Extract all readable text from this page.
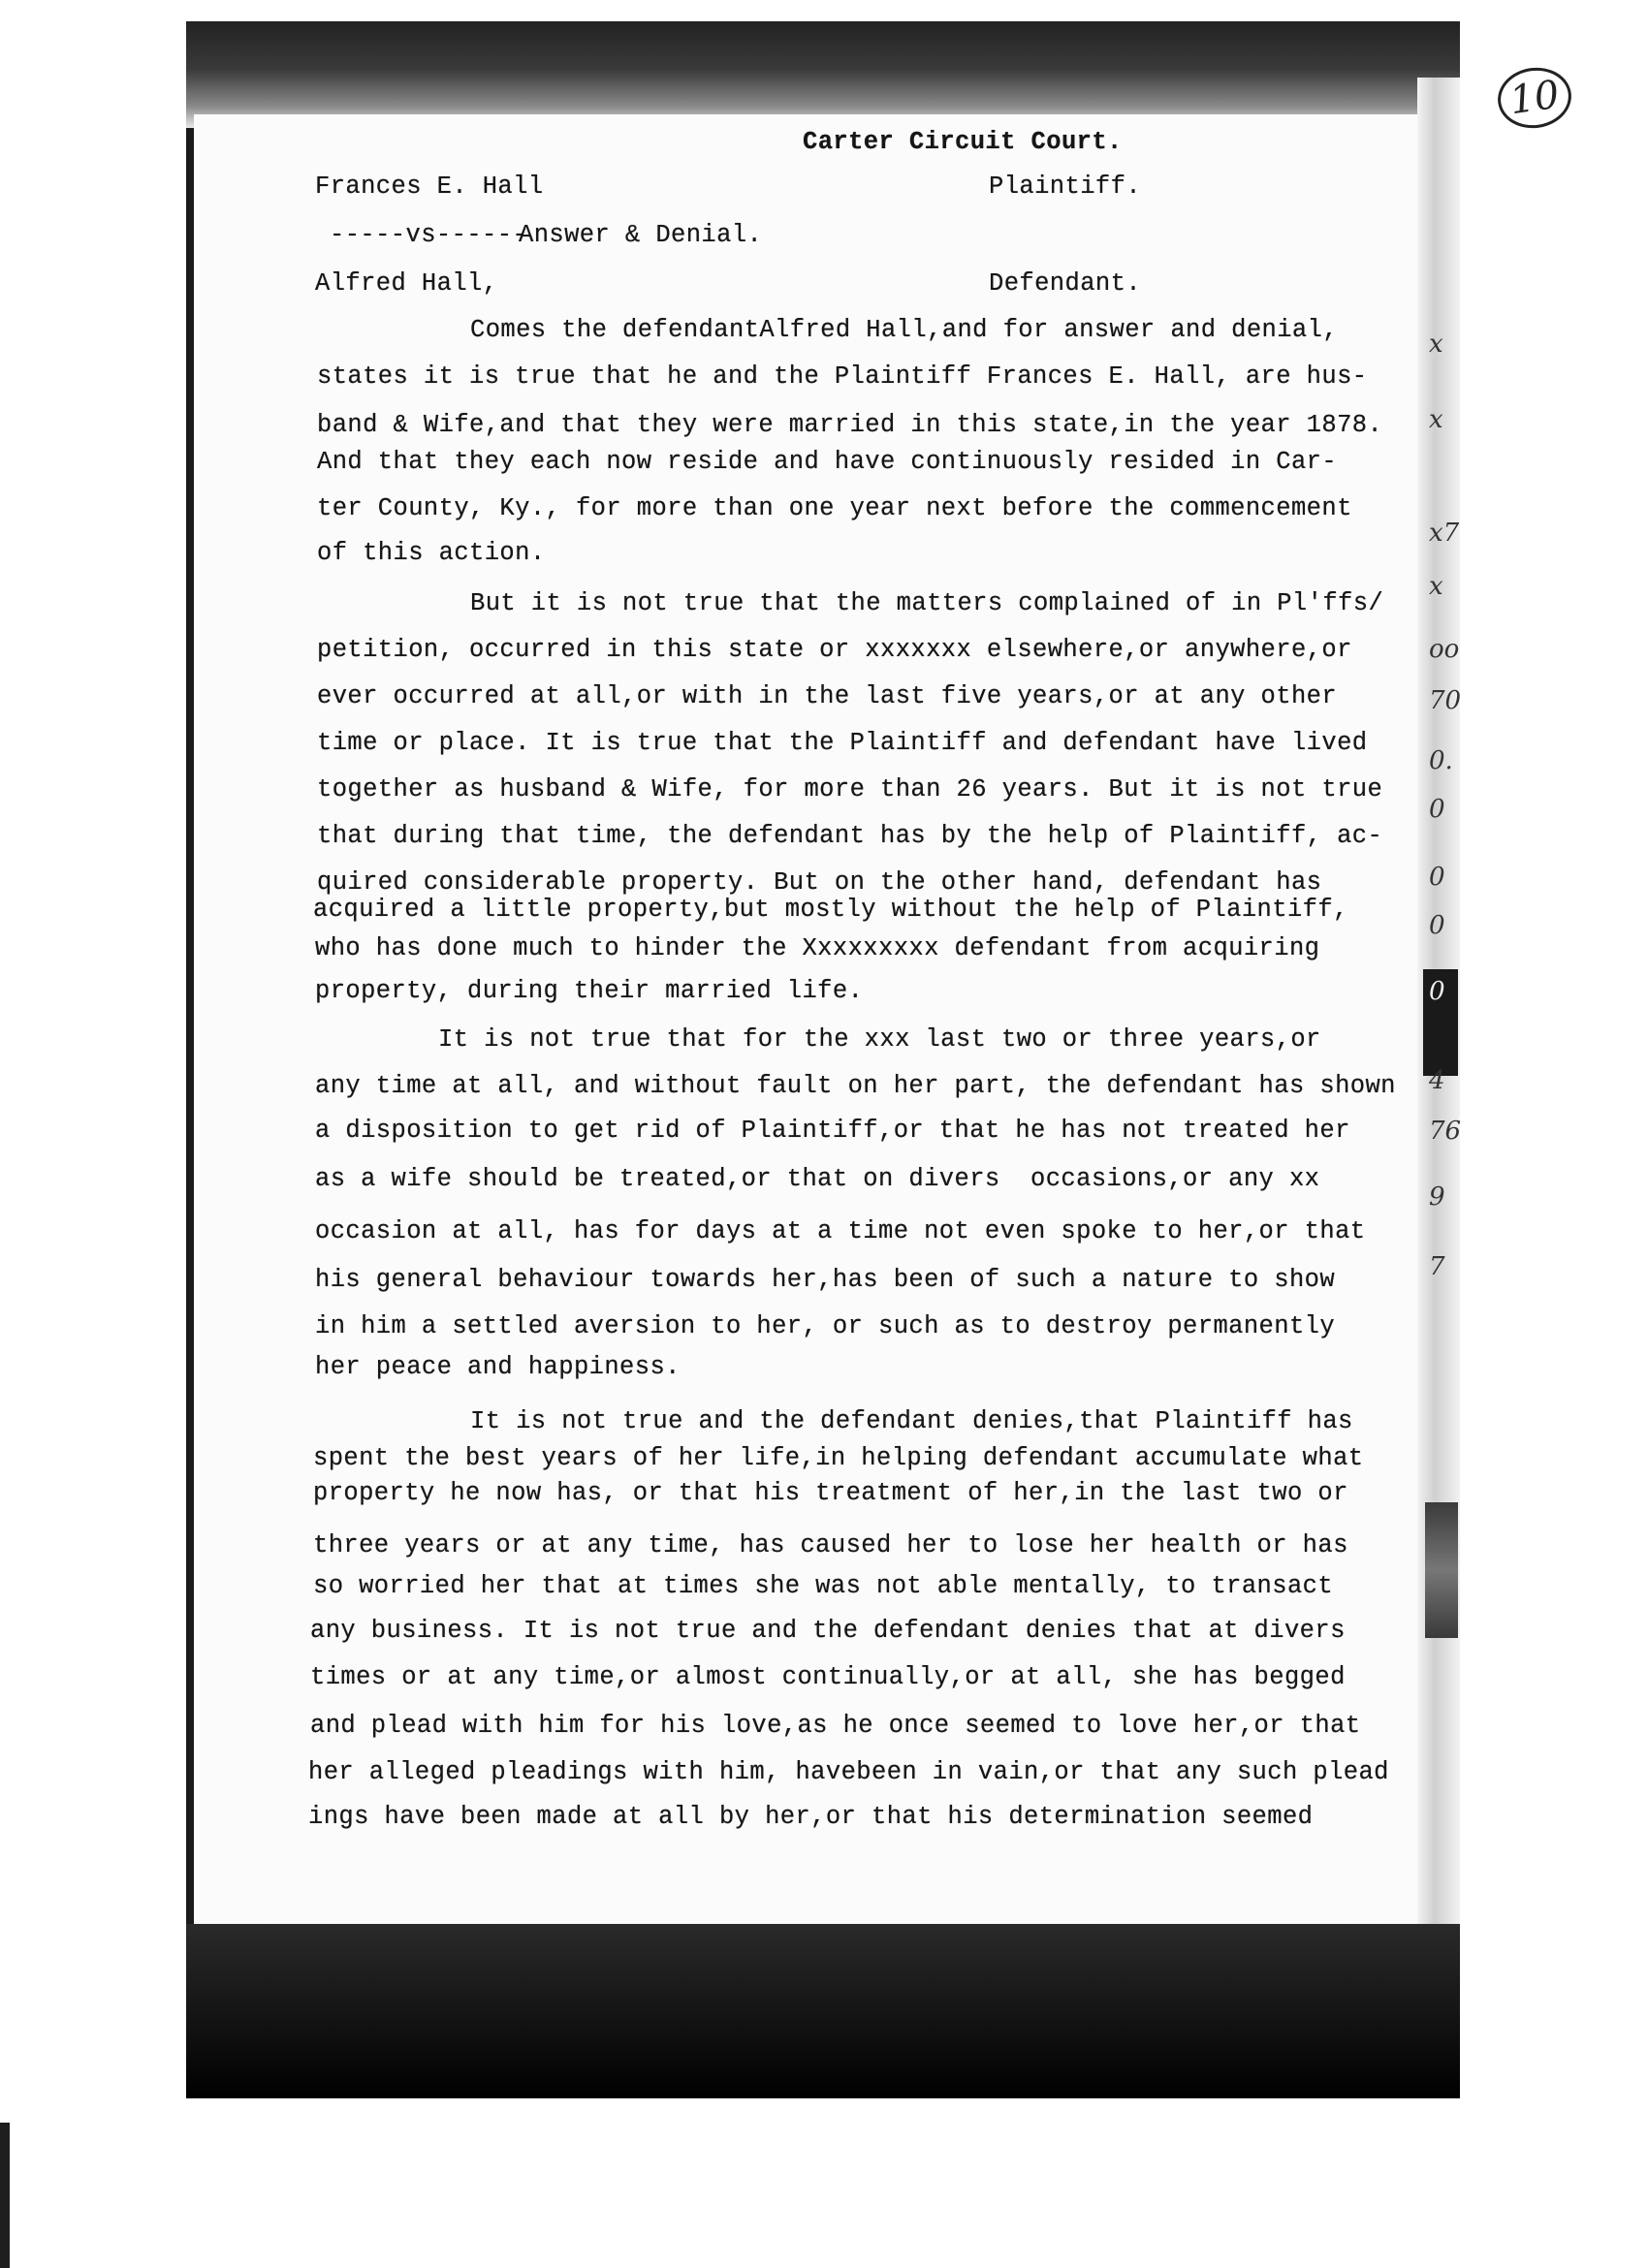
10
Carter Circuit Court.
Frances E. Hall	Plaintiff.
-----vs------
Answer & Denial.
Alfred Hall,	Defendant.
Comes the defendantAlfred Hall,and for answer and denial,
states it is true that he and the Plaintiff Frances E. Hall, are hus-
band & Wife,and that they were married in this state,in the year 1878.
And that they each now reside and have continuously resided in Car-
ter County, Ky., for more than one year next before the commencement
of this action.
But it is not true that the matters complained of in Pl'ffs/
petition, occurred in this state or xxxxxxx elsewhere,or anywhere,or
ever occurred at all,or with in the last five years,or at any other
time or place. It is true that the Plaintiff and defendant have lived
together as husband & Wife, for more than 26 years. But it is not true
that during that time, the defendant has by the help of Plaintiff, ac-
quired considerable property. But on the other hand, defendant has
acquired a little property,but mostly without the help of Plaintiff,
who has done much to hinder the Xxxxxxxxx defendant from acquiring
property, during their married life.
It is not true that for the xxx last two or three years,or
any time at all, and without fault on her part, the defendant has shown
a disposition to get rid of Plaintiff,or that he has not treated her
as a wife should be treated,or that on divers  occasions,or any xx
occasion at all, has for days at a time not even spoke to her,or that
his general behaviour towards her,has been of such a nature to show
in him a settled aversion to her, or such as to destroy permanently
her peace and happiness.
It is not true and the defendant denies,that Plaintiff has
spent the best years of her life,in helping defendant accumulate what
property he now has, or that his treatment of her,in the last two or
three years or at any time, has caused her to lose her health or has
so worried her that at times she was not able mentally, to transact
any business. It is not true and the defendant denies that at divers
times or at any time,or almost continually,or at all, she has begged
and plead with him for his love,as he once seemed to love her,or that
her alleged pleadings with him, havebeen in vain,or that any such plead
ings have been made at all by her,or that his determination seemed
x
x
x7
x
oo
70
0.
0
0
0
0
4
76
9
7
